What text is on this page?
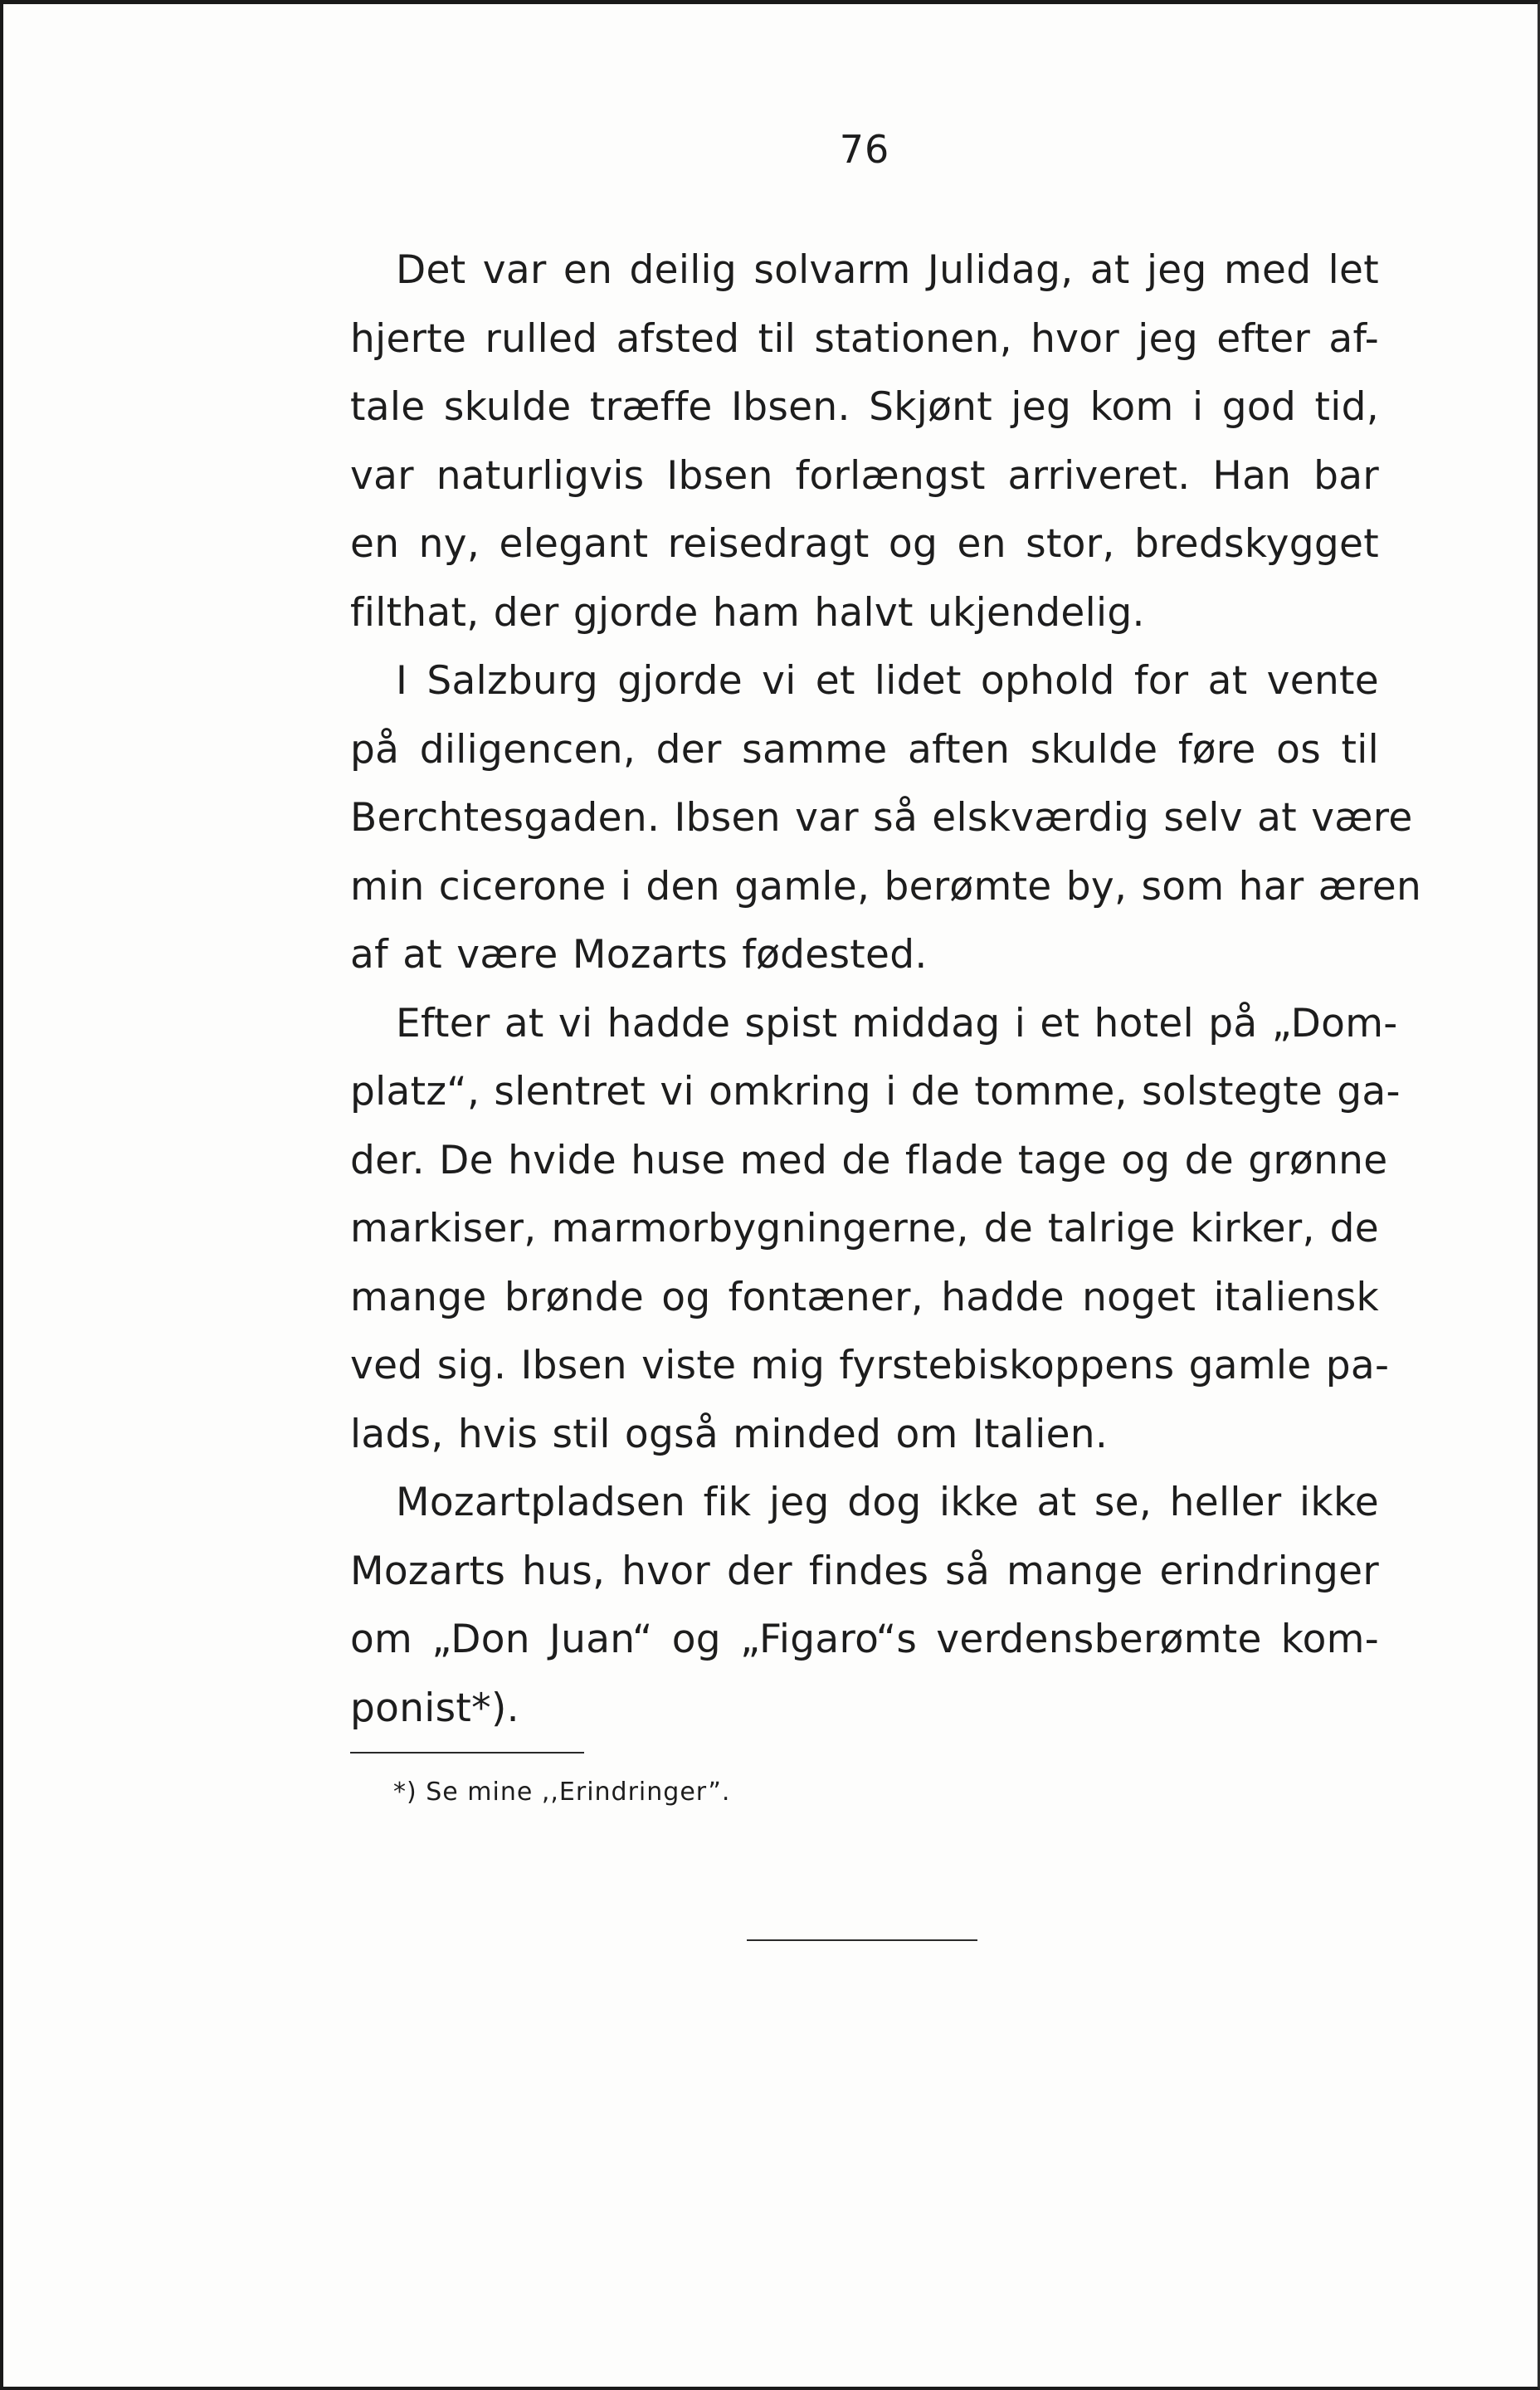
76

Det var en deilig solvarm Julidag, at jeg med let
hjerte rulled afsted til stationen, hvor jeg efter af-
tale skulde træffe Ibsen. Skjønt jeg kom i god tid,
var naturligvis Ibsen forlængst arriveret. Han bar
en ny, elegant reisedragt og en stor, bredskygget
filthat, der gjorde ham halvt ukjendelig.

I Salzburg gjorde vi et lidet ophold for at vente
på diligencen, der samme aften skulde føre os til
Berchtesgaden. Ibsen var så elskværdig selv at være
min cicerone i den gamle, berømte by, som har æren
af at være Mozarts fødested.

Efter at vi hadde spist middag i et hotel på „Dom-
platz“, slentret vi omkring i de tomme, solstegte ga-
der. De hvide huse med de flade tage og de grønne
markiser, marmorbygningerne, de talrige kirker, de
mange brønde og fontæner, hadde noget italiensk
ved sig. Ibsen viste mig fyrstebiskoppens gamle pa-
lads, hvis stil også minded om Italien.

Mozartpladsen fik jeg dog ikke at se, heller ikke
Mozarts hus, hvor der findes så mange erindringer
om „Don Juan“ og „Figaro“s verdensberømte kom-
ponist*).

*) Se mine ,,Erindringer”.
